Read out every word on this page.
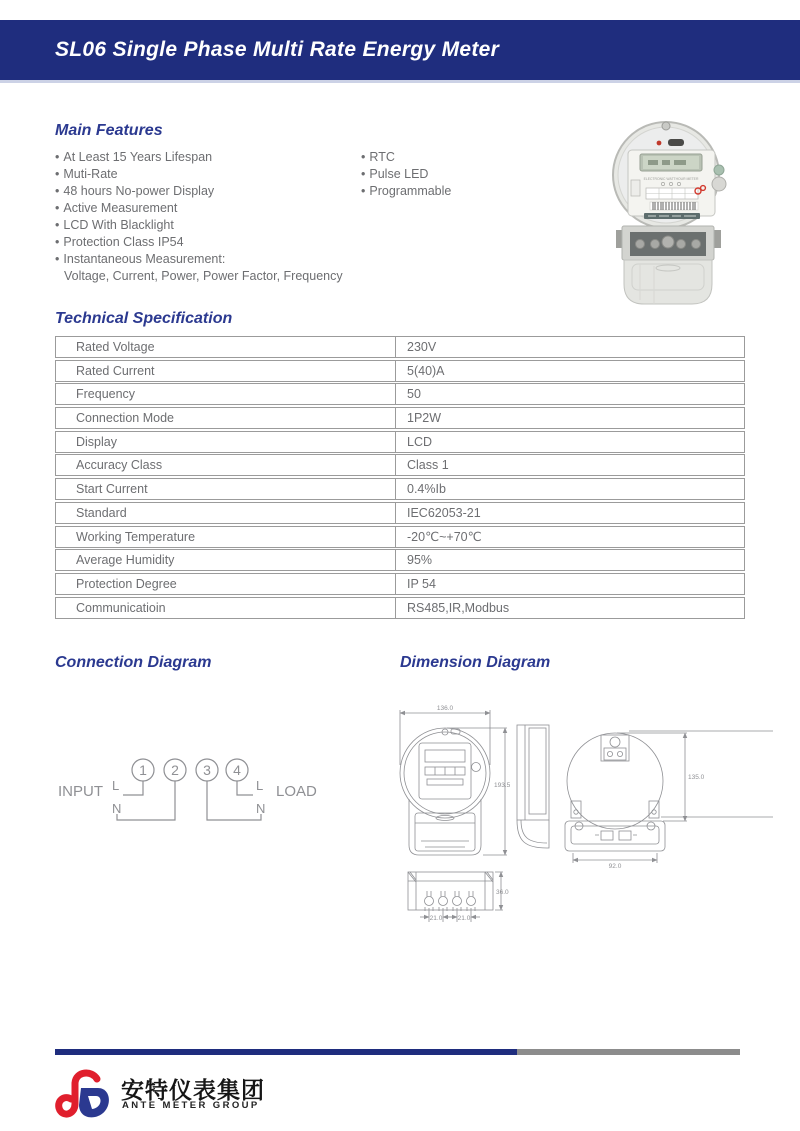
SL06 Single Phase Multi Rate Energy Meter
Main Features
• At Least 15 Years Lifespan
• Muti-Rate
• 48 hours No-power Display
• Active Measurement
• LCD With Blacklight
• Protection Class IP54
• Instantaneous Measurement:
Voltage, Current, Power, Power Factor, Frequency
• RTC
• Pulse LED
• Programmable
ELECTRONIC WATTHOUR METER
Technical Specification
Rated Voltage	230V
Rated Current	5(40)A
Frequency	50
Connection Mode	1P2W
Display	LCD
Accuracy Class	Class 1
Start Current	0.4%Ib
Standard	IEC62053-21
Working Temperature	-20℃~+70℃
Average Humidity	95%
Protection Degree	IP 54
Communicatioin	RS485,IR,Modbus
Connection Diagram	Dimension Diagram
1 2 3 4
INPUT L
N
L
N
LOAD
136.0
193.5
135.0
92.0
21.0 21.0
36.0
安特仪表集团
ANTE METER GROUP
